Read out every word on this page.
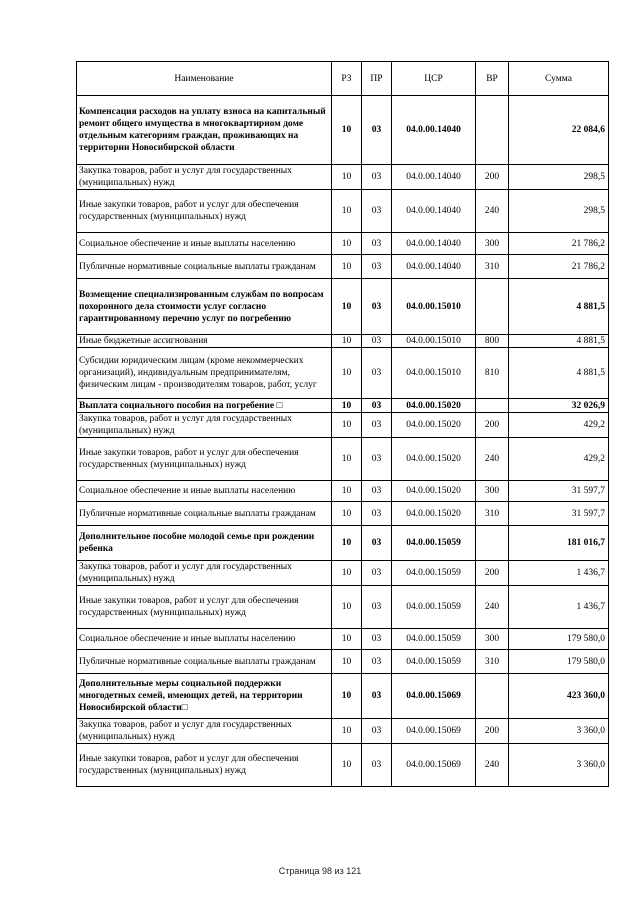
Наименование	РЗ	ПР	ЦСР	ВР	Сумма
Компенсация расходов на уплату взноса на капитальный ремонт общего имущества в многоквартирном доме отдельным категориям граждан, проживающих на территории Новосибирской области	10	03	04.0.00.14040		22 084,6
Закупка товаров, работ и услуг для государственных (муниципальных) нужд	10	03	04.0.00.14040	200	298,5
Иные закупки товаров, работ и услуг для обеспечения государственных (муниципальных) нужд	10	03	04.0.00.14040	240	298,5
Социальное обеспечение и иные выплаты населению	10	03	04.0.00.14040	300	21 786,2
Публичные нормативные социальные выплаты гражданам	10	03	04.0.00.14040	310	21 786,2
Возмещение специализированным службам по вопросам похоронного дела стоимости услуг согласно гарантированному перечню услуг по погребению	10	03	04.0.00.15010		4 881,5
Иные бюджетные ассигнования	10	03	04.0.00.15010	800	4 881,5
Субсидии юридическим лицам (кроме некоммерческих организаций), индивидуальным предпринимателям, физическим лицам - производителям товаров, работ, услуг	10	03	04.0.00.15010	810	4 881,5
Выплата социального пособия на погребение □	10	03	04.0.00.15020		32 026,9
Закупка товаров, работ и услуг для государственных (муниципальных) нужд	10	03	04.0.00.15020	200	429,2
Иные закупки товаров, работ и услуг для обеспечения государственных (муниципальных) нужд	10	03	04.0.00.15020	240	429,2
Социальное обеспечение и иные выплаты населению	10	03	04.0.00.15020	300	31 597,7
Публичные нормативные социальные выплаты гражданам	10	03	04.0.00.15020	310	31 597,7
Дополнительное пособие молодой семье при рождении ребенка	10	03	04.0.00.15059		181 016,7
Закупка товаров, работ и услуг для государственных (муниципальных) нужд	10	03	04.0.00.15059	200	1 436,7
Иные закупки товаров, работ и услуг для обеспечения государственных (муниципальных) нужд	10	03	04.0.00.15059	240	1 436,7
Социальное обеспечение и иные выплаты населению	10	03	04.0.00.15059	300	179 580,0
Публичные нормативные социальные выплаты гражданам	10	03	04.0.00.15059	310	179 580,0
Дополнительные меры социальной поддержки многодетных семей, имеющих детей, на территории Новосибирской области□	10	03	04.0.00.15069		423 360,0
Закупка товаров, работ и услуг для государственных (муниципальных) нужд	10	03	04.0.00.15069	200	3 360,0
Иные закупки товаров, работ и услуг для обеспечения государственных (муниципальных) нужд	10	03	04.0.00.15069	240	3 360,0
Страница 98 из 121
